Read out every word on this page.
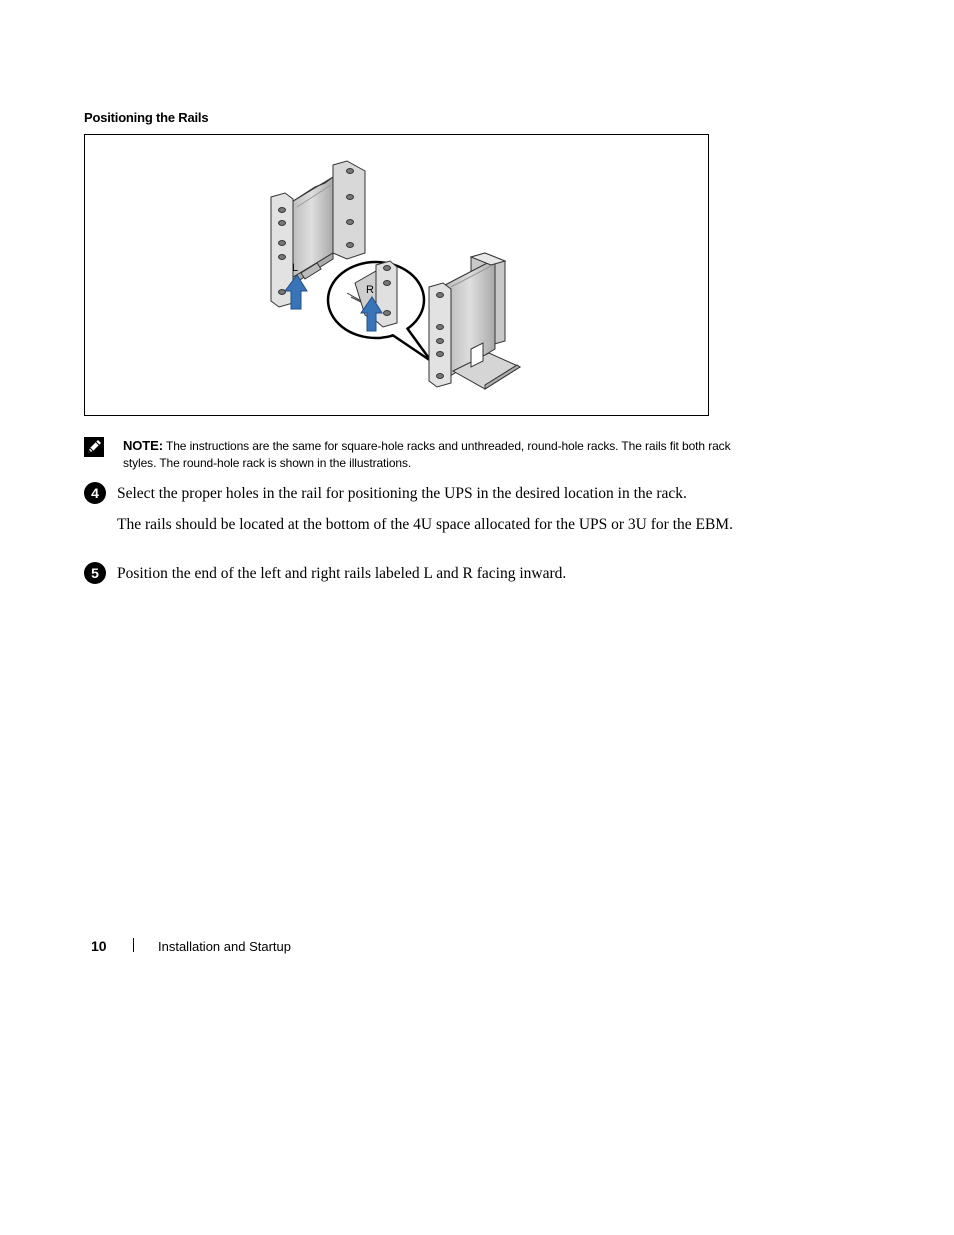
Positioning the Rails
L
R
NOTE: The instructions are the same for square-hole racks and unthreaded, round-hole racks. The rails fit both rack styles. The round-hole rack is shown in the illustrations.
4	Select the proper holes in the rail for positioning the UPS in the desired location in the rack.
The rails should be located at the bottom of the 4U space allocated for the UPS or 3U for the EBM.
5	Position the end of the left and right rails labeled L and R facing inward.
10	Installation and Startup
